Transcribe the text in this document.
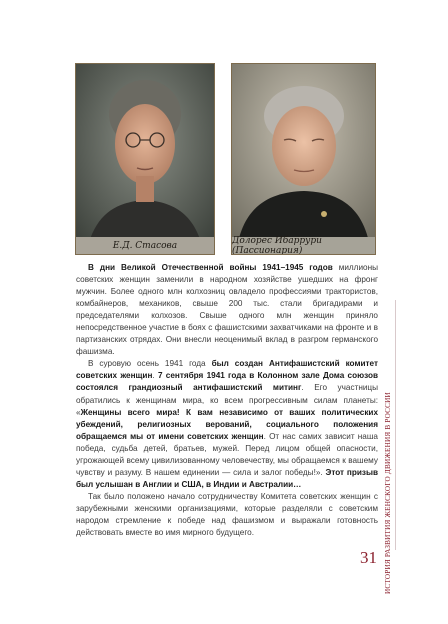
Е.Д. Стасова	Долорес Ибаррури (Пассионария)

В дни Великой Отечественной войны 1941–1945 годов миллионы советских женщин заменили в народном хозяйстве ушедших на фронг мужчин. Более одного млн колхозниц овладело профессиями трактористов, комбайнеров, механиков, свыше 200 тыс. стали бригадирами и председателями колхозов. Свыше одного млн женщин приняло непосредственное участие в боях с фашистскими захватчиками на фронте и в партизанских отрядах. Они внесли неоценимый вклад в разгром германского фашизма.

В суровую осень 1941 года был создан Антифашистский комитет советских женщин. 7 сентября 1941 года в Колонном зале Дома союзов состоялся грандиозный антифашистский митинг. Его участницы обратились к женщинам мира, ко всем прогрессивным силам планеты: «Женщины всего мира! К вам независимо от ваших политических убеждений, религиозных верований, социального положения обращаемся мы от имени советских женщин. От нас самих зависит наша победа, судьба детей, братьев, мужей. Перед лицом общей опасности, угрожающей всему цивилизованному человечеству, мы обращаемся к вашему чувству и разуму. В нашем единении — сила и залог победы!». Этот призыв был услышан в Англии и США, в Индии и Австралии…

Так было положено начало сотрудничеству Комитета советских женщин с зарубежными женскими организациями, которые разделяли с советским народом стремление к победе над фашизмом и выражали готовность действовать вместе во имя мирного будущего.	ИСТОРИЯ РАЗВИТИЯ ЖЕНСКОГО ДВИЖЕНИЯ В РОССИИ
31
